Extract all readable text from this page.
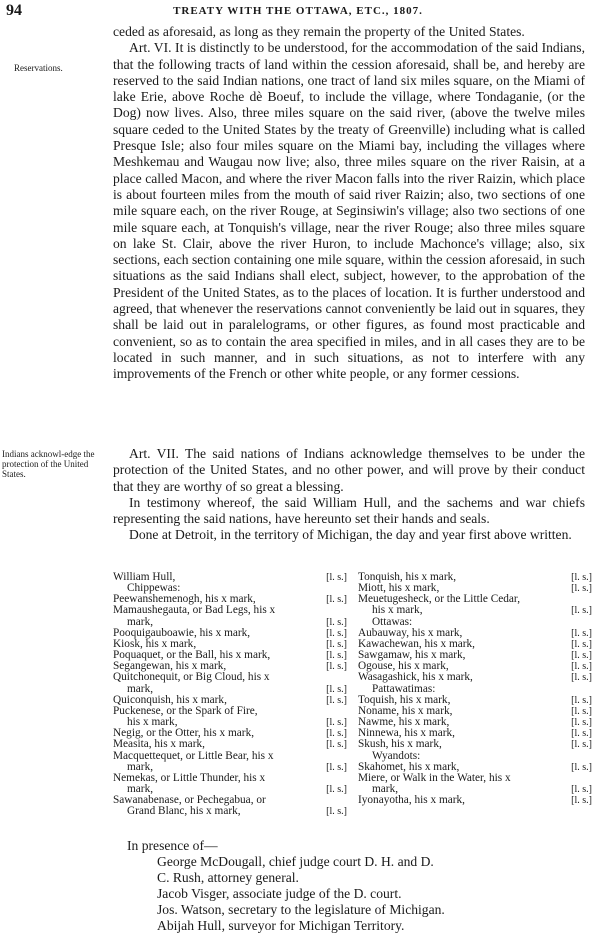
94	TREATY WITH THE OTTAWA, ETC., 1807.
Reservations.
Indians acknowl-edge the protection of the United States.

ceded as aforesaid, as long as they remain the property of the United States.

Art. VI. It is distinctly to be understood, for the accommodation of the said Indians, that the following tracts of land within the cession aforesaid, shall be, and hereby are reserved to the said Indian nations, one tract of land six miles square, on the Miami of lake Erie, above Roche dè Boeuf, to include the village, where Tondaganie, (or the Dog) now lives. Also, three miles square on the said river, (above the twelve miles square ceded to the United States by the treaty of Greenville) including what is called Presque Isle; also four miles square on the Miami bay, including the villages where Meshkemau and Waugau now live; also, three miles square on the river Raisin, at a place called Macon, and where the river Macon falls into the river Raizin, which place is about fourteen miles from the mouth of said river Raizin; also, two sections of one mile square each, on the river Rouge, at Seginsiwin's village; also two sections of one mile square each, at Tonquish's village, near the river Rouge; also three miles square on lake St. Clair, above the river Huron, to include Machonce's village; also, six sections, each section containing one mile square, within the cession aforesaid, in such situations as the said Indians shall elect, subject, however, to the approbation of the President of the United States, as to the places of location. It is further understood and agreed, that whenever the reservations cannot conveniently be laid out in squares, they shall be laid out in paralelograms, or other figures, as found most practicable and convenient, so as to contain the area specified in miles, and in all cases they are to be located in such manner, and in such situations, as not to interfere with any improvements of the French or other white people, or any former cessions.

Art. VII. The said nations of Indians acknowledge themselves to be under the protection of the United States, and no other power, and will prove by their conduct that they are worthy of so great a blessing.

In testimony whereof, the said William Hull, and the sachems and war chiefs representing the said nations, have hereunto set their hands and seals.

Done at Detroit, in the territory of Michigan, the day and year first above written.

William Hull,	[l. s.]
Chippewas:
Peewanshemenogh, his x mark,	[l. s.]
Mamaushegauta, or Bad Legs, his x
mark,	[l. s.]
Pooquigauboawie, his x mark,	[l. s.]
Kiosk, his x mark,	[l. s.]
Poquaquet, or the Ball, his x mark,	[l. s.]
Segangewan, his x mark,	[l. s.]
Quitchonequit, or Big Cloud, his x
mark,	[l. s.]
Quiconquish, his x mark,	[l. s.]
Puckenese, or the Spark of Fire,
his x mark,	[l. s.]
Negig, or the Otter, his x mark,	[l. s.]
Measita, his x mark,	[l. s.]
Macquettequet, or Little Bear, his x
mark,	[l. s.]
Nemekas, or Little Thunder, his x
mark,	[l. s.]
Sawanabenase, or Pechegabua, or
Grand Blanc, his x mark,	[l. s.]
Tonquish, his x mark,	[l. s.]
Miott, his x mark,	[l. s.]
Meuetugesheck, or the Little Cedar,
his x mark,	[l. s.]
Ottawas:
Aubauway, his x mark,	[l. s.]
Kawachewan, his x mark,	[l. s.]
Sawgamaw, his x mark,	[l. s.]
Ogouse, his x mark,	[l. s.]
Wasagashick, his x mark,	[l. s.]
Pattawatimas:
Toquish, his x mark,	[l. s.]
Noname, his x mark,	[l. s.]
Nawme, his x mark,	[l. s.]
Ninnewa, his x mark,	[l. s.]
Skush, his x mark,	[l. s.]
Wyandots:
Skahomet, his x mark,	[l. s.]
Miere, or Walk in the Water, his x
mark,	[l. s.]
Iyonayotha, his x mark,	[l. s.]
In presence of—
George McDougall, chief judge court D. H. and D.
C. Rush, attorney general.
Jacob Visger, associate judge of the D. court.
Jos. Watson, secretary to the legislature of Michigan.
Abijah Hull, surveyor for Michigan Territory.
